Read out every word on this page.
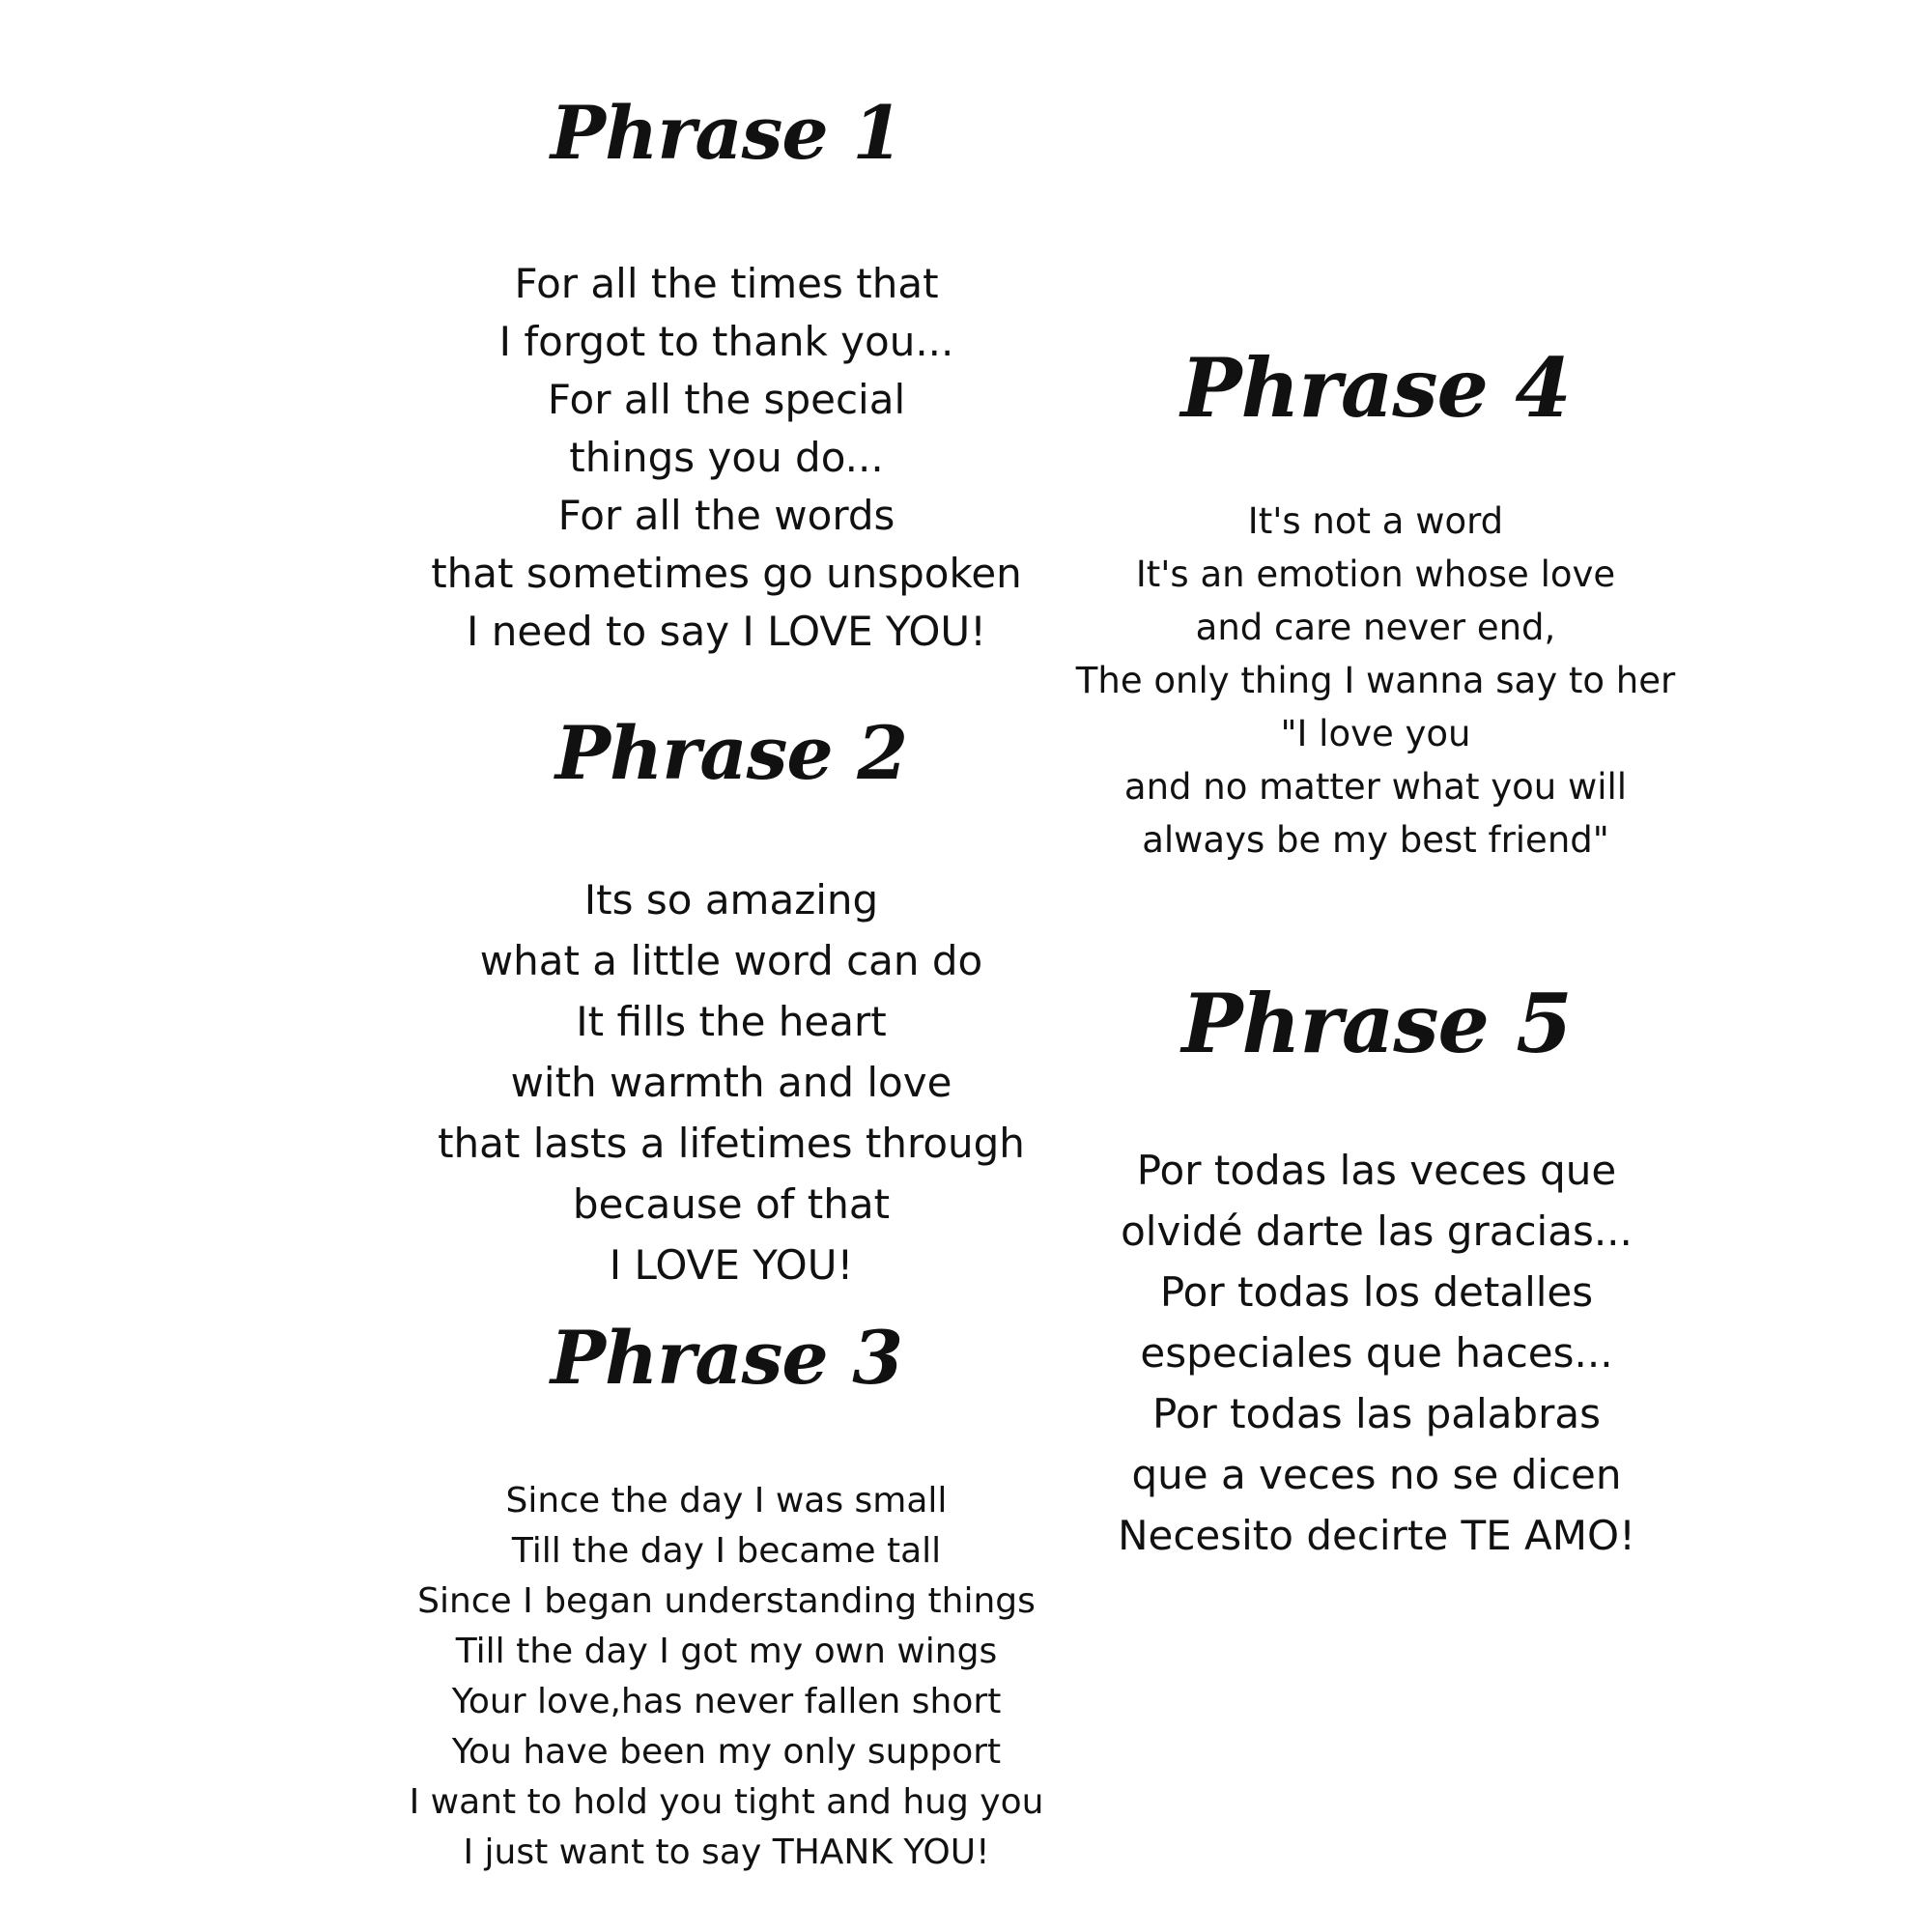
Phrase 1
For all the times that
I forgot to thank you...
For all the special
things you do...
For all the words
that sometimes go unspoken
I need to say I LOVE YOU!
Phrase 2
Its so amazing
what a little word can do
It fills the heart
with warmth and love
that lasts a lifetimes through
because of that
I LOVE YOU!
Phrase 3
Since the day I was small
Till the day I became tall
Since I began understanding things
Till the day I got my own wings
Your love,has never fallen short
You have been my only support
I want to hold you tight and hug you
I just want to say THANK YOU!
Phrase 4
It's not a word
It's an emotion whose love
and care never end,
The only thing I wanna say to her
"I love you
and no matter what you will
always be my best friend"
Phrase 5
Por todas las veces que
olvidé darte las gracias...
Por todas los detalles
especiales que haces...
Por todas las palabras
que a veces no se dicen
Necesito decirte TE AMO!
